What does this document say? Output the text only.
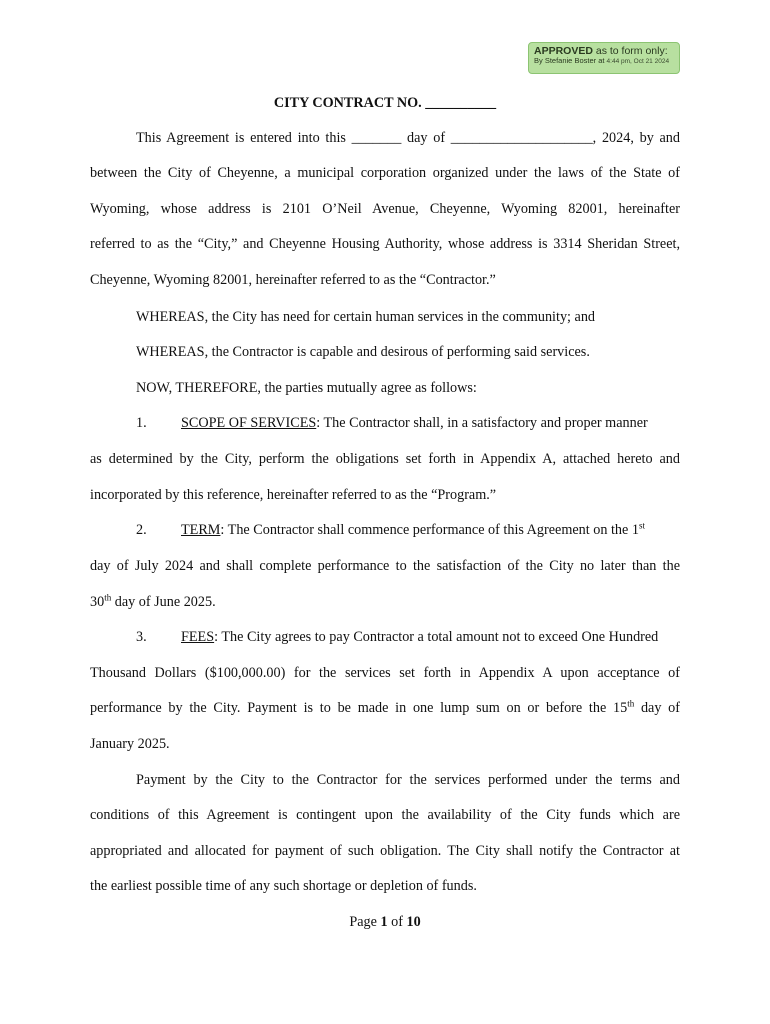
APPROVED as to form only:
By Stefanie Boster at 4:44 pm, Oct 21 2024
CITY CONTRACT NO. __________
This Agreement is entered into this _______ day of ____________________, 2024, by and
between the City of Cheyenne, a municipal corporation organized under the laws of the State of
Wyoming, whose address is 2101 O’Neil Avenue, Cheyenne, Wyoming 82001, hereinafter
referred to as the “City,” and Cheyenne Housing Authority, whose address is 3314 Sheridan Street,
Cheyenne, Wyoming 82001, hereinafter referred to as the “Contractor.”
WHEREAS, the City has need for certain human services in the community; and
WHEREAS, the Contractor is capable and desirous of performing said services.
NOW, THEREFORE, the parties mutually agree as follows:
1. SCOPE OF SERVICES: The Contractor shall, in a satisfactory and proper manner
as determined by the City, perform the obligations set forth in Appendix A, attached hereto and
incorporated by this reference, hereinafter referred to as the “Program.”
2. TERM: The Contractor shall commence performance of this Agreement on the 1st
day of July 2024 and shall complete performance to the satisfaction of the City no later than the
30th day of June 2025.
3. FEES: The City agrees to pay Contractor a total amount not to exceed One Hundred
Thousand Dollars ($100,000.00) for the services set forth in Appendix A upon acceptance of
performance by the City. Payment is to be made in one lump sum on or before the 15th day of
January 2025.
Payment by the City to the Contractor for the services performed under the terms and
conditions of this Agreement is contingent upon the availability of the City funds which are
appropriated and allocated for payment of such obligation. The City shall notify the Contractor at
the earliest possible time of any such shortage or depletion of funds.
Page 1 of 10
